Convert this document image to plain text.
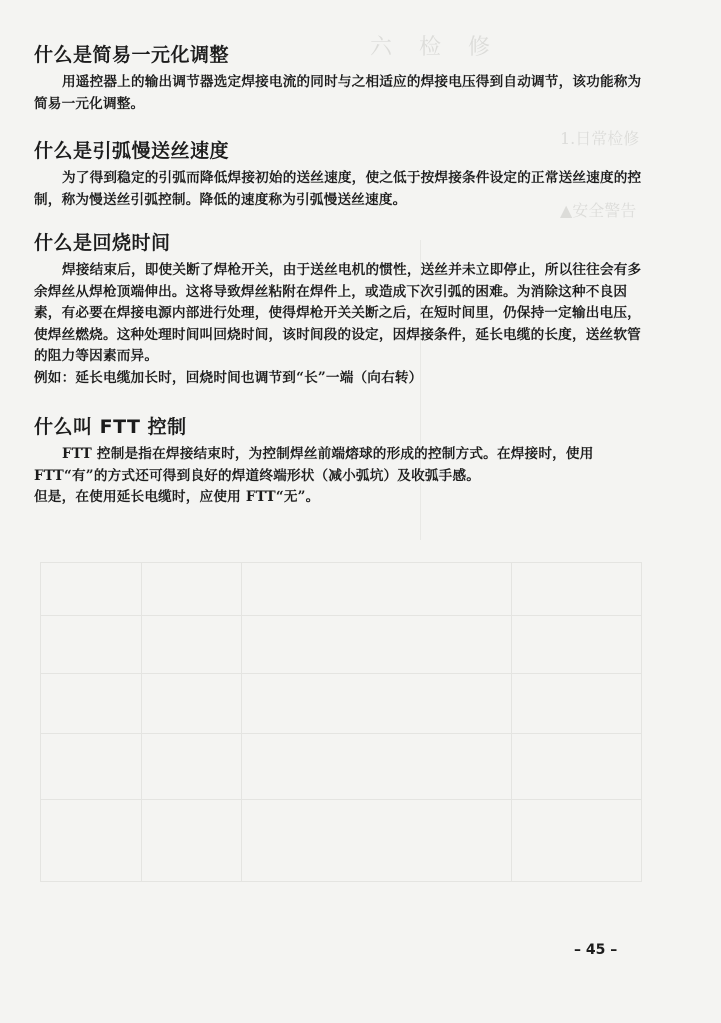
六 检 修
1.日常检修
▲安全警告
什么是简易一元化调整

用遥控器上的输出调节器选定焊接电流的同时与之相适应的焊接电压得到自动调节，该功能称为简易一元化调整。

什么是引弧慢送丝速度

为了得到稳定的引弧而降低焊接初始的送丝速度，使之低于按焊接条件设定的正常送丝速度的控制，称为慢送丝引弧控制。降低的速度称为引弧慢送丝速度。

什么是回烧时间

焊接结束后，即使关断了焊枪开关，由于送丝电机的惯性，送丝并未立即停止，所以往往会有多余焊丝从焊枪顶端伸出。这将导致焊丝粘附在焊件上，或造成下次引弧的困难。为消除这种不良因素，有必要在焊接电源内部进行处理，使得焊枪开关关断之后，在短时间里，仍保持一定输出电压，使焊丝燃烧。这种处理时间叫回烧时间，该时间段的设定，因焊接条件，延长电缆的长度，送丝软管的阻力等因素而异。

例如：延长电缆加长时，回烧时间也调节到“长”一端（向右转）

什么叫 FTT 控制

FTT 控制是指在焊接结束时，为控制焊丝前端熔球的形成的控制方式。在焊接时，使用FTT“有”的方式还可得到良好的焊道终端形状（减小弧坑）及收弧手感。

但是，在使用延长电缆时，应使用 FTT“无”。

– 45 –
